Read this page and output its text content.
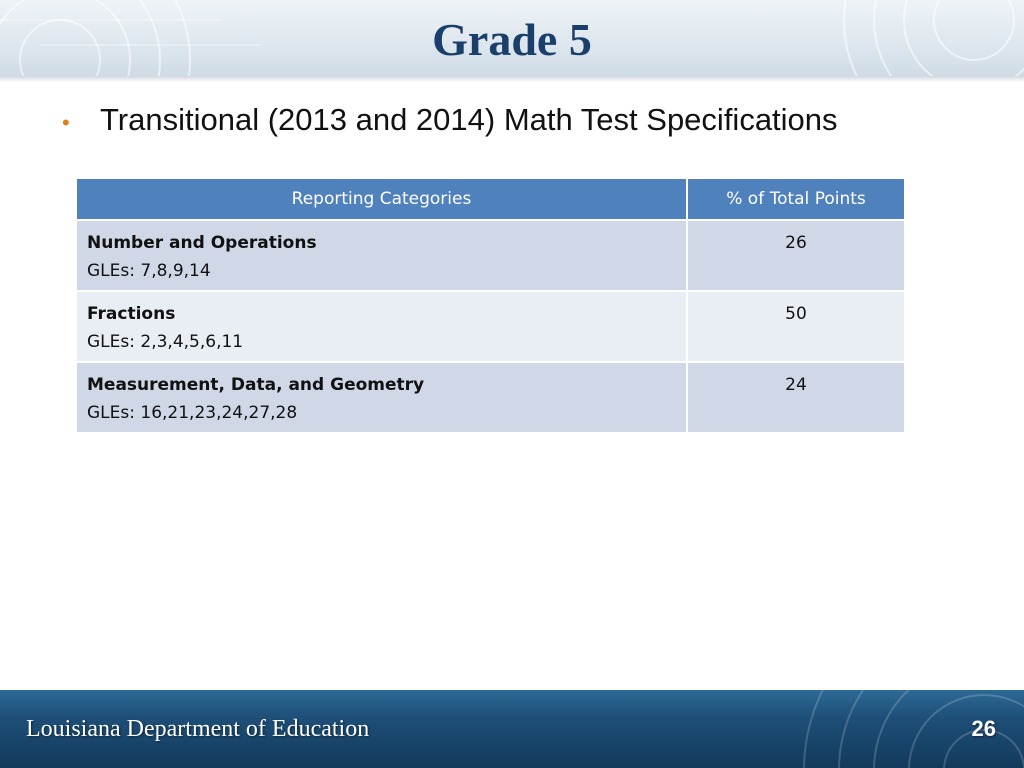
Grade 5
• Transitional (2013 and 2014) Math Test Specifications
Reporting Categories	% of Total Points

Number and Operations
GLEs: 7,8,9,14	26

Fractions
GLEs: 2,3,4,5,6,11	50

Measurement, Data, and Geometry
GLEs: 16,21,23,24,27,28	24
Louisiana Department of Education	26
